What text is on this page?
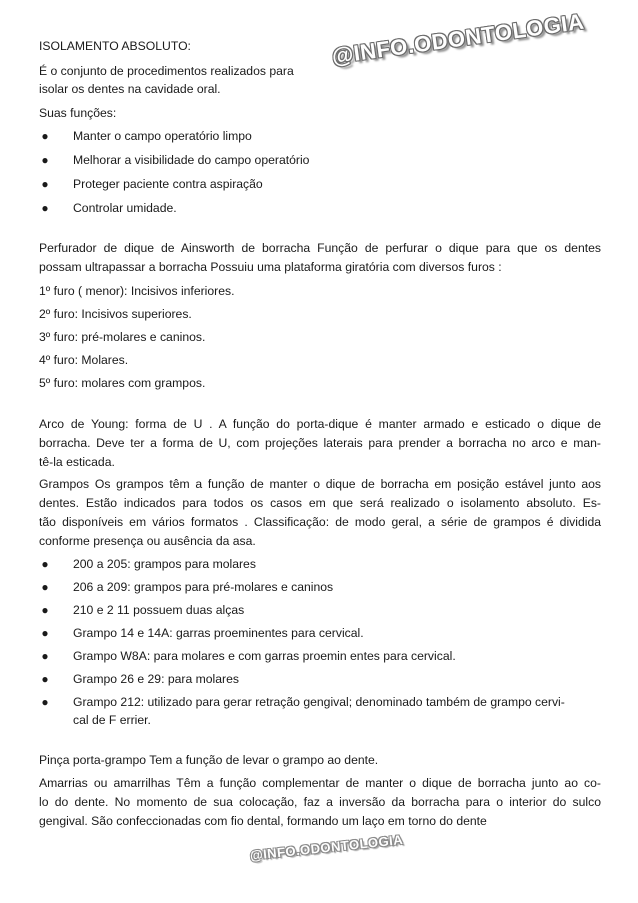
ISOLAMENTO ABSOLUTO:
É o conjunto de procedimentos realizados para
isolar os dentes na cavidade oral.
Suas funções:
● Manter o campo operatório limpo
● Melhorar a visibilidade do campo operatório
● Proteger paciente contra aspiração
● Controlar umidade.
Perfurador de dique de Ainsworth de borracha Função de perfurar o dique para que os dentes
possam ultrapassar a borracha Possuiu uma plataforma giratória com diversos furos :
1º furo ( menor): Incisivos inferiores.
2º furo: Incisivos superiores.
3º furo: pré-molares e caninos.
4º furo: Molares.
5º furo: molares com grampos.
Arco de Young: forma de U . A função do porta-dique é manter armado e esticado o dique de
borracha. Deve ter a forma de U, com projeções laterais para prender a borracha no arco e man-
tê-la esticada.
Grampos Os grampos têm a função de manter o dique de borracha em posição estável junto aos
dentes. Estão indicados para todos os casos em que será realizado o isolamento absoluto. Es-
tão disponíveis em vários formatos . Classificação: de modo geral, a série de grampos é dividida
conforme presença ou ausência da asa.
● 200 a 205: grampos para molares
● 206 a 209: grampos para pré-molares e caninos
● 210 e 2 11 possuem duas alças
● Grampo 14 e 14A: garras proeminentes para cervical.
● Grampo W8A: para molares e com garras proemin entes para cervical.
● Grampo 26 e 29: para molares
● Grampo 212: utilizado para gerar retração gengival; denominado também de grampo cervi-
cal de F errier.
Pinça porta-grampo Tem a função de levar o grampo ao dente.
Amarrias ou amarrilhas Têm a função complementar de manter o dique de borracha junto ao co-
lo do dente. No momento de sua colocação, faz a inversão da borracha para o interior do sulco
gengival. São confeccionadas com fio dental, formando um laço em torno do dente
@INFO.ODONTOLOGIA
@INFO.ODONTOLOGIA
